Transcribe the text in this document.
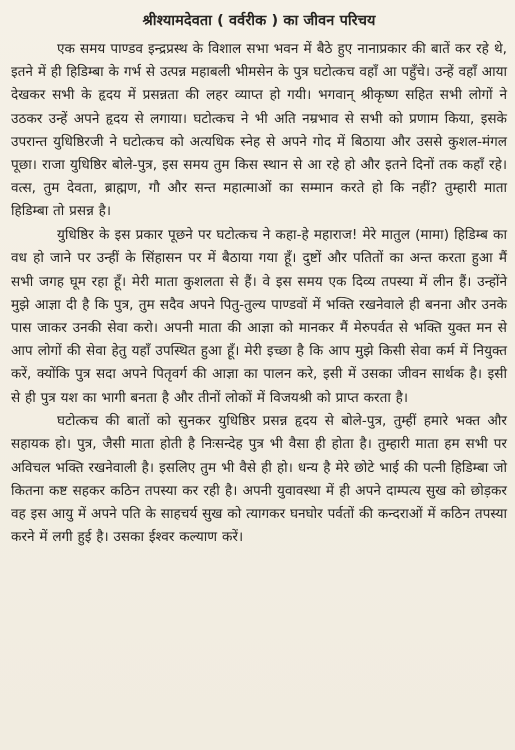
श्रीश्यामदेवता ( वर्वरीक ) का जीवन परिचय

एक समय पाण्डव इन्द्रप्रस्थ के विशाल सभा भवन में बैठे हुए नानाप्रकार की बातें कर रहे थे, इतने में ही हिडिम्बा के गर्भ से उत्पन्न महाबली भीमसेन के पुत्र घटोत्कच वहाँ आ पहुँचे। उन्हें वहाँ आया देखकर सभी के हृदय में प्रसन्नता की लहर व्याप्त हो गयी। भगवान् श्रीकृष्ण सहित सभी लोगों ने उठकर उन्हें अपने हृदय से लगाया। घटोत्कच ने भी अति नम्रभाव से सभी को प्रणाम किया, इसके उपरान्त युधिष्ठिरजी ने घटोत्कच को अत्यधिक स्नेह से अपने गोद में बिठाया और उससे कुशल-मंगल पूछा। राजा युधिष्ठिर बोले-पुत्र, इस समय तुम किस स्थान से आ रहे हो और इतने दिनों तक कहाँ रहे। वत्स, तुम देवता, ब्राह्मण, गौ और सन्त महात्माओं का सम्मान करते हो कि नहीं? तुम्हारी माता हिडिम्बा तो प्रसन्न है।

युधिष्ठिर के इस प्रकार पूछने पर घटोत्कच ने कहा-हे महाराज! मेरे मातुल (मामा) हिडिम्ब का वध हो जाने पर उन्हीं के सिंहासन पर में बैठाया गया हूँ। दुष्टों और पतितों का अन्त करता हुआ मैं सभी जगह घूम रहा हूँ। मेरी माता कुशलता से हैं। वे इस समय एक दिव्य तपस्या में लीन हैं। उन्होंने मुझे आज्ञा दी है कि पुत्र, तुम सदैव अपने पितु-तुल्य पाण्डवों में भक्ति रखनेवाले ही बनना और उनके पास जाकर उनकी सेवा करो। अपनी माता की आज्ञा को मानकर मैं मेरुपर्वत से भक्ति युक्त मन से आप लोगों की सेवा हेतु यहाँ उपस्थित हुआ हूँ। मेरी इच्छा है कि आप मुझे किसी सेवा कर्म में नियुक्त करें, क्योंकि पुत्र सदा अपने पितृवर्ग की आज्ञा का पालन करे, इसी में उसका जीवन सार्थक है। इसी से ही पुत्र यश का भागी बनता है और तीनों लोकों में विजयश्री को प्राप्त करता है।

घटोत्कच की बातों को सुनकर युधिष्ठिर प्रसन्न हृदय से बोले-पुत्र, तुम्हीं हमारे भक्त और सहायक हो। पुत्र, जैसी माता होती है निःसन्देह पुत्र भी वैसा ही होता है। तुम्हारी माता हम सभी पर अविचल भक्ति रखनेवाली है। इसलिए तुम भी वैसे ही हो। धन्य है मेरे छोटे भाई की पत्नी हिडिम्बा जो कितना कष्ट सहकर कठिन तपस्या कर रही है। अपनी युवावस्था में ही अपने दाम्पत्य सुख को छोड़कर वह इस आयु में अपने पति के साहचर्य सुख को त्यागकर घनघोर पर्वतों की कन्दराओं में कठिन तपस्या करने में लगी हुई है। उसका ईश्वर कल्याण करें।
